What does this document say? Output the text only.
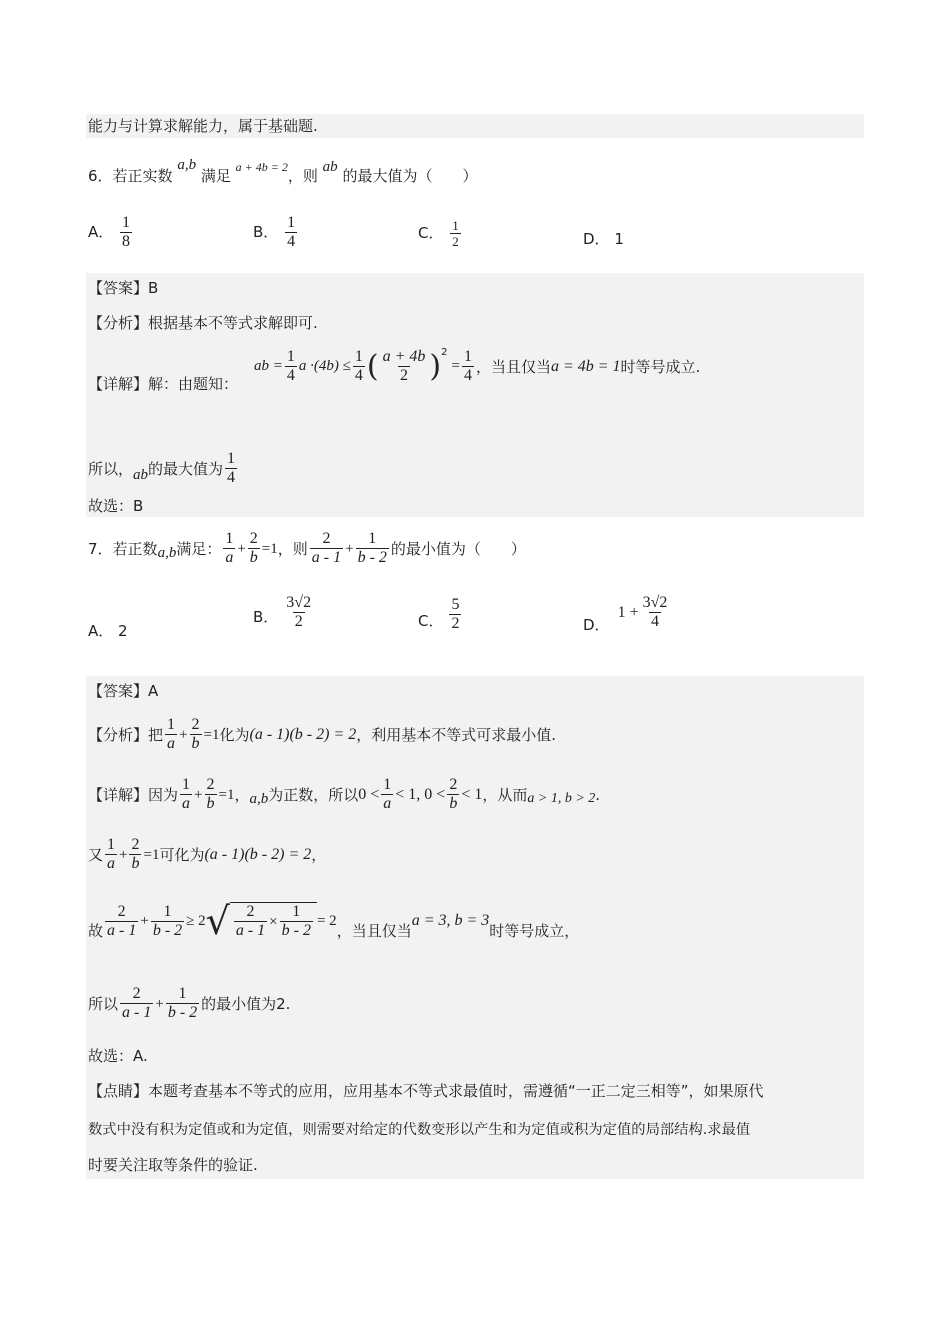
能力与计算求解能力，属于基础题.
6．若正实数 a,b 满足 $^{a + 4b = 2}$，则 ab 的最大值为（　　）
A． $\frac{1}{8}$	B． $\frac{1}{4}$	C． $\frac{1}{2}$	D． 1
【答案】B
【分析】根据基本不等式求解即可.
【详解】解：由题知：
ab = $\frac{1}{4}$ $a \cdot(4b) \le \frac{1}{4}$ ( $\frac{a + 4b}{2}$ ) 2
= $\frac{1}{4}$ ，当且仅当 a = 4b = 1 时等号成立.
所以， ab 的最大值为 $\frac{1}{4}$
故选：B
7． 若正数 a,b 满足： $\frac{1}{a} + \frac{2}{b} =1$ ，则 $\frac{2}{a - 1} + \frac{1}{b - 2}$ 的最小值为（　　）
A． 2
B． $\frac{3√2}{2}$	C． $\frac{5}{2}$	D．
$1 + \frac{3√2}{4}$
【答案】A
【分析】 把 $\frac{1}{a} + \frac{2}{b} =1$ 化为 (a - 1)(b - 2) = 2 ，利用基本不等式可求最小值.
【详解】 因为 $\frac{1}{a} + \frac{2}{b} =1$ ， a,b 为正数，所以 $0 < \frac{1}{a} < 1$, $0 < \frac{2}{b} < 1$ ，从而 a > 1, b > 2 .
又 $\frac{1}{a} + \frac{2}{b} =1$ 可化为 (a - 1)(b - 2) = 2 ，
故 $\frac{2}{a - 1} + \frac{1}{b - 2} \ge 2$ √ $\frac{2}{a - 1} \times \frac{1}{b - 2} = 2$
，当且仅当
a = 3, b = 3
时等号成立，
所以 $\frac{2}{a - 1} + \frac{1}{b - 2}$ 的最小值为2.
故选：A.
【点睛】本题考查基本不等式的应用，应用基本不等式求最值时，需遵循“一正二定三相等”，如果原代
数式中没有积为定值或和为定值，则需要对给定的代数变形以产生和为定值或积为定值的局部结构.求最值
时要关注取等条件的验证.
